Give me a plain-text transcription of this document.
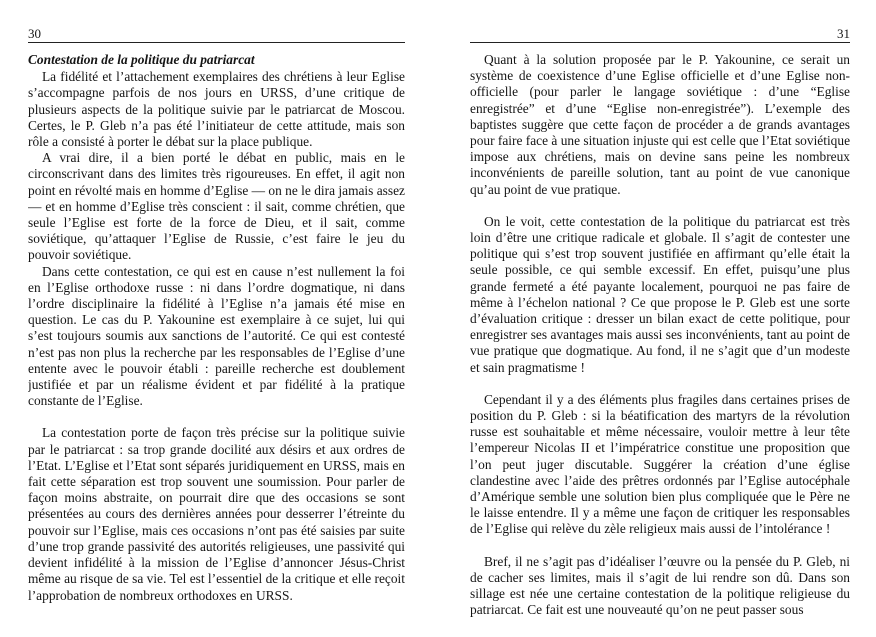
30
Contestation de la politique du patriarcat

La fidélité et l’attachement exemplaires des chrétiens à leur Eglise s’accompagne parfois de nos jours en URSS, d’une critique de plusieurs aspects de la politique suivie par le patriarcat de Moscou. Certes, le P. Gleb n’a pas été l’initiateur de cette attitude, mais son rôle a consisté à porter le débat sur la place publique.

A vrai dire, il a bien porté le débat en public, mais en le circonscrivant dans des limites très rigoureuses. En effet, il agit non point en révolté mais en homme d’Eglise — on ne le dira jamais assez — et en homme d’Eglise très conscient : il sait, comme chrétien, que seule l’Eglise est forte de la force de Dieu, et il sait, comme soviétique, qu’attaquer l’Eglise de Russie, c’est faire le jeu du pouvoir soviétique.

Dans cette contestation, ce qui est en cause n’est nullement la foi en l’Eglise orthodoxe russe : ni dans l’ordre dogmatique, ni dans l’ordre disciplinaire la fidélité à l’Eglise n’a jamais été mise en question. Le cas du P. Yakounine est exemplaire à ce sujet, lui qui s’est toujours soumis aux sanctions de l’autorité. Ce qui est contesté n’est pas non plus la recherche par les responsables de l’Eglise d’une entente avec le pouvoir établi : pareille recherche est doublement justifiée et par un réalisme évident et par fidélité à la pratique constante de l’Eglise.

La contestation porte de façon très précise sur la politique suivie par le patriarcat : sa trop grande docilité aux désirs et aux ordres de l’Etat. L’Eglise et l’Etat sont séparés juridiquement en URSS, mais en fait cette séparation est trop souvent une soumission. Pour parler de façon moins abstraite, on pourrait dire que des occasions se sont présentées au cours des dernières années pour desserrer l’étreinte du pouvoir sur l’Eglise, mais ces occasions n’ont pas été saisies par suite d’une trop grande passivité des autorités religieuses, une passivité qui devient infidélité à la mission de l’Eglise d’annoncer Jésus-Christ même au risque de sa vie. Tel est l’essentiel de la critique et elle reçoit l’approbation de nombreux orthodoxes en URSS.

31

Quant à la solution proposée par le P. Yakounine, ce serait un système de coexistence d’une Eglise officielle et d’une Eglise non-officielle (pour parler le langage soviétique : d’une “Eglise enregistrée” et d’une “Eglise non-enregistrée”). L’exemple des baptistes suggère que cette façon de procéder a de grands avantages pour faire face à une situation injuste qui est celle que l’Etat soviétique impose aux chrétiens, mais on devine sans peine les nombreux inconvénients de pareille solution, tant au point de vue canonique qu’au point de vue pratique.

On le voit, cette contestation de la politique du patriarcat est très loin d’être une critique radicale et globale. Il s’agit de contester une politique qui s’est trop souvent justifiée en affirmant qu’elle était la seule possible, ce qui semble excessif. En effet, puisqu’une plus grande fermeté a été payante localement, pourquoi ne pas faire de même à l’échelon national ? Ce que propose le P. Gleb est une sorte d’évaluation critique : dresser un bilan exact de cette politique, pour enregistrer ses avantages mais aussi ses inconvénients, tant au point de vue pratique que dogmatique. Au fond, il ne s’agit que d’un modeste et sain pragmatisme !

Cependant il y a des éléments plus fragiles dans certaines prises de position du P. Gleb : si la béatification des martyrs de la révolution russe est souhaitable et même nécessaire, vouloir mettre à leur tête l’empereur Nicolas II et l’impératrice constitue une proposition que l’on peut juger discutable. Suggérer la création d’une église clandestine avec l’aide des prêtres ordonnés par l’Eglise autocéphale d’Amérique semble une solution bien plus compliquée que le Père ne le laisse entendre. Il y a même une façon de critiquer les responsables de l’Eglise qui relève du zèle religieux mais aussi de l’intolérance !

Bref, il ne s’agit pas d’idéaliser l’œuvre ou la pensée du P. Gleb, ni de cacher ses limites, mais il s’agit de lui rendre son dû. Dans son sillage est née une certaine contestation de la politique religieuse du patriarcat. Ce fait est une nouveauté qu’on ne peut passer sous
